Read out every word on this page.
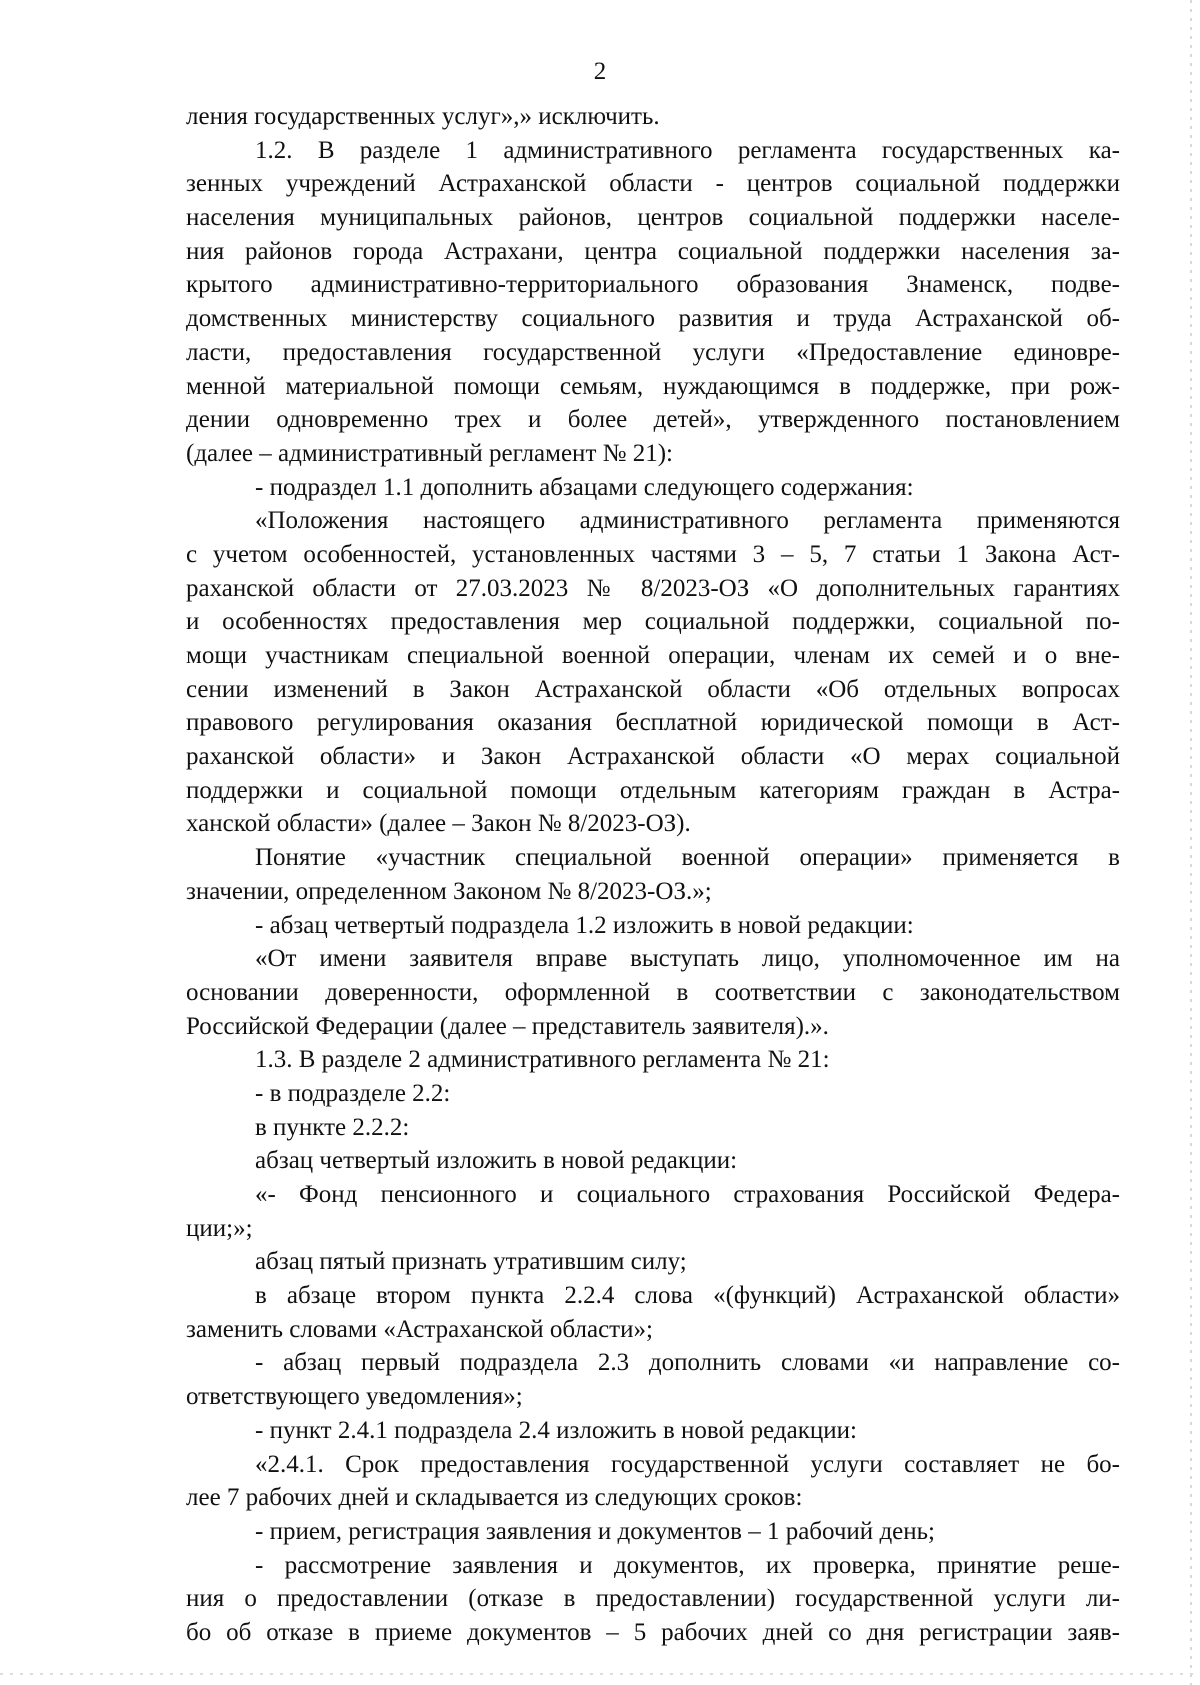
2
ления государственных услуг»,» исключить.
1.2. В разделе 1 административного регламента государственных ка-
зенных учреждений Астраханской области - центров социальной поддержки
населения муниципальных районов, центров социальной поддержки населе-
ния районов города Астрахани, центра социальной поддержки населения за-
крытого административно-территориального образования Знаменск, подве-
домственных министерству социального развития и труда Астраханской об-
ласти, предоставления государственной услуги «Предоставление единовре-
менной материальной помощи семьям, нуждающимся в поддержке, при рож-
дении одновременно трех и более детей», утвержденного постановлением
(далее – административный регламент № 21):
- подраздел 1.1 дополнить абзацами следующего содержания:
«Положения настоящего административного регламента применяются
с учетом особенностей, установленных частями 3 – 5, 7 статьи 1 Закона Аст-
раханской области от 27.03.2023 № 8/2023-ОЗ «О дополнительных гарантиях
и особенностях предоставления мер социальной поддержки, социальной по-
мощи участникам специальной военной операции, членам их семей и о вне-
сении изменений в Закон Астраханской области «Об отдельных вопросах
правового регулирования оказания бесплатной юридической помощи в Аст-
раханской области» и Закон Астраханской области «О мерах социальной
поддержки и социальной помощи отдельным категориям граждан в Астра-
ханской области» (далее – Закон № 8/2023-ОЗ).
Понятие «участник специальной военной операции» применяется в
значении, определенном Законом № 8/2023-ОЗ.»;
- абзац четвертый подраздела 1.2 изложить в новой редакции:
«От имени заявителя вправе выступать лицо, уполномоченное им на
основании доверенности, оформленной в соответствии с законодательством
Российской Федерации (далее – представитель заявителя).».
1.3. В разделе 2 административного регламента № 21:
- в подразделе 2.2:
в пункте 2.2.2:
абзац четвертый изложить в новой редакции:
«- Фонд пенсионного и социального страхования Российской Федера-
ции;»;
абзац пятый признать утратившим силу;
в абзаце втором пункта 2.2.4 слова «(функций) Астраханской области»
заменить словами «Астраханской области»;
- абзац первый подраздела 2.3 дополнить словами «и направление со-
ответствующего уведомления»;
- пункт 2.4.1 подраздела 2.4 изложить в новой редакции:
«2.4.1. Срок предоставления государственной услуги составляет не бо-
лее 7 рабочих дней и складывается из следующих сроков:
- прием, регистрация заявления и документов – 1 рабочий день;
- рассмотрение заявления и документов, их проверка, принятие реше-
ния о предоставлении (отказе в предоставлении) государственной услуги ли-
бо об отказе в приеме документов – 5 рабочих дней со дня регистрации заяв-
